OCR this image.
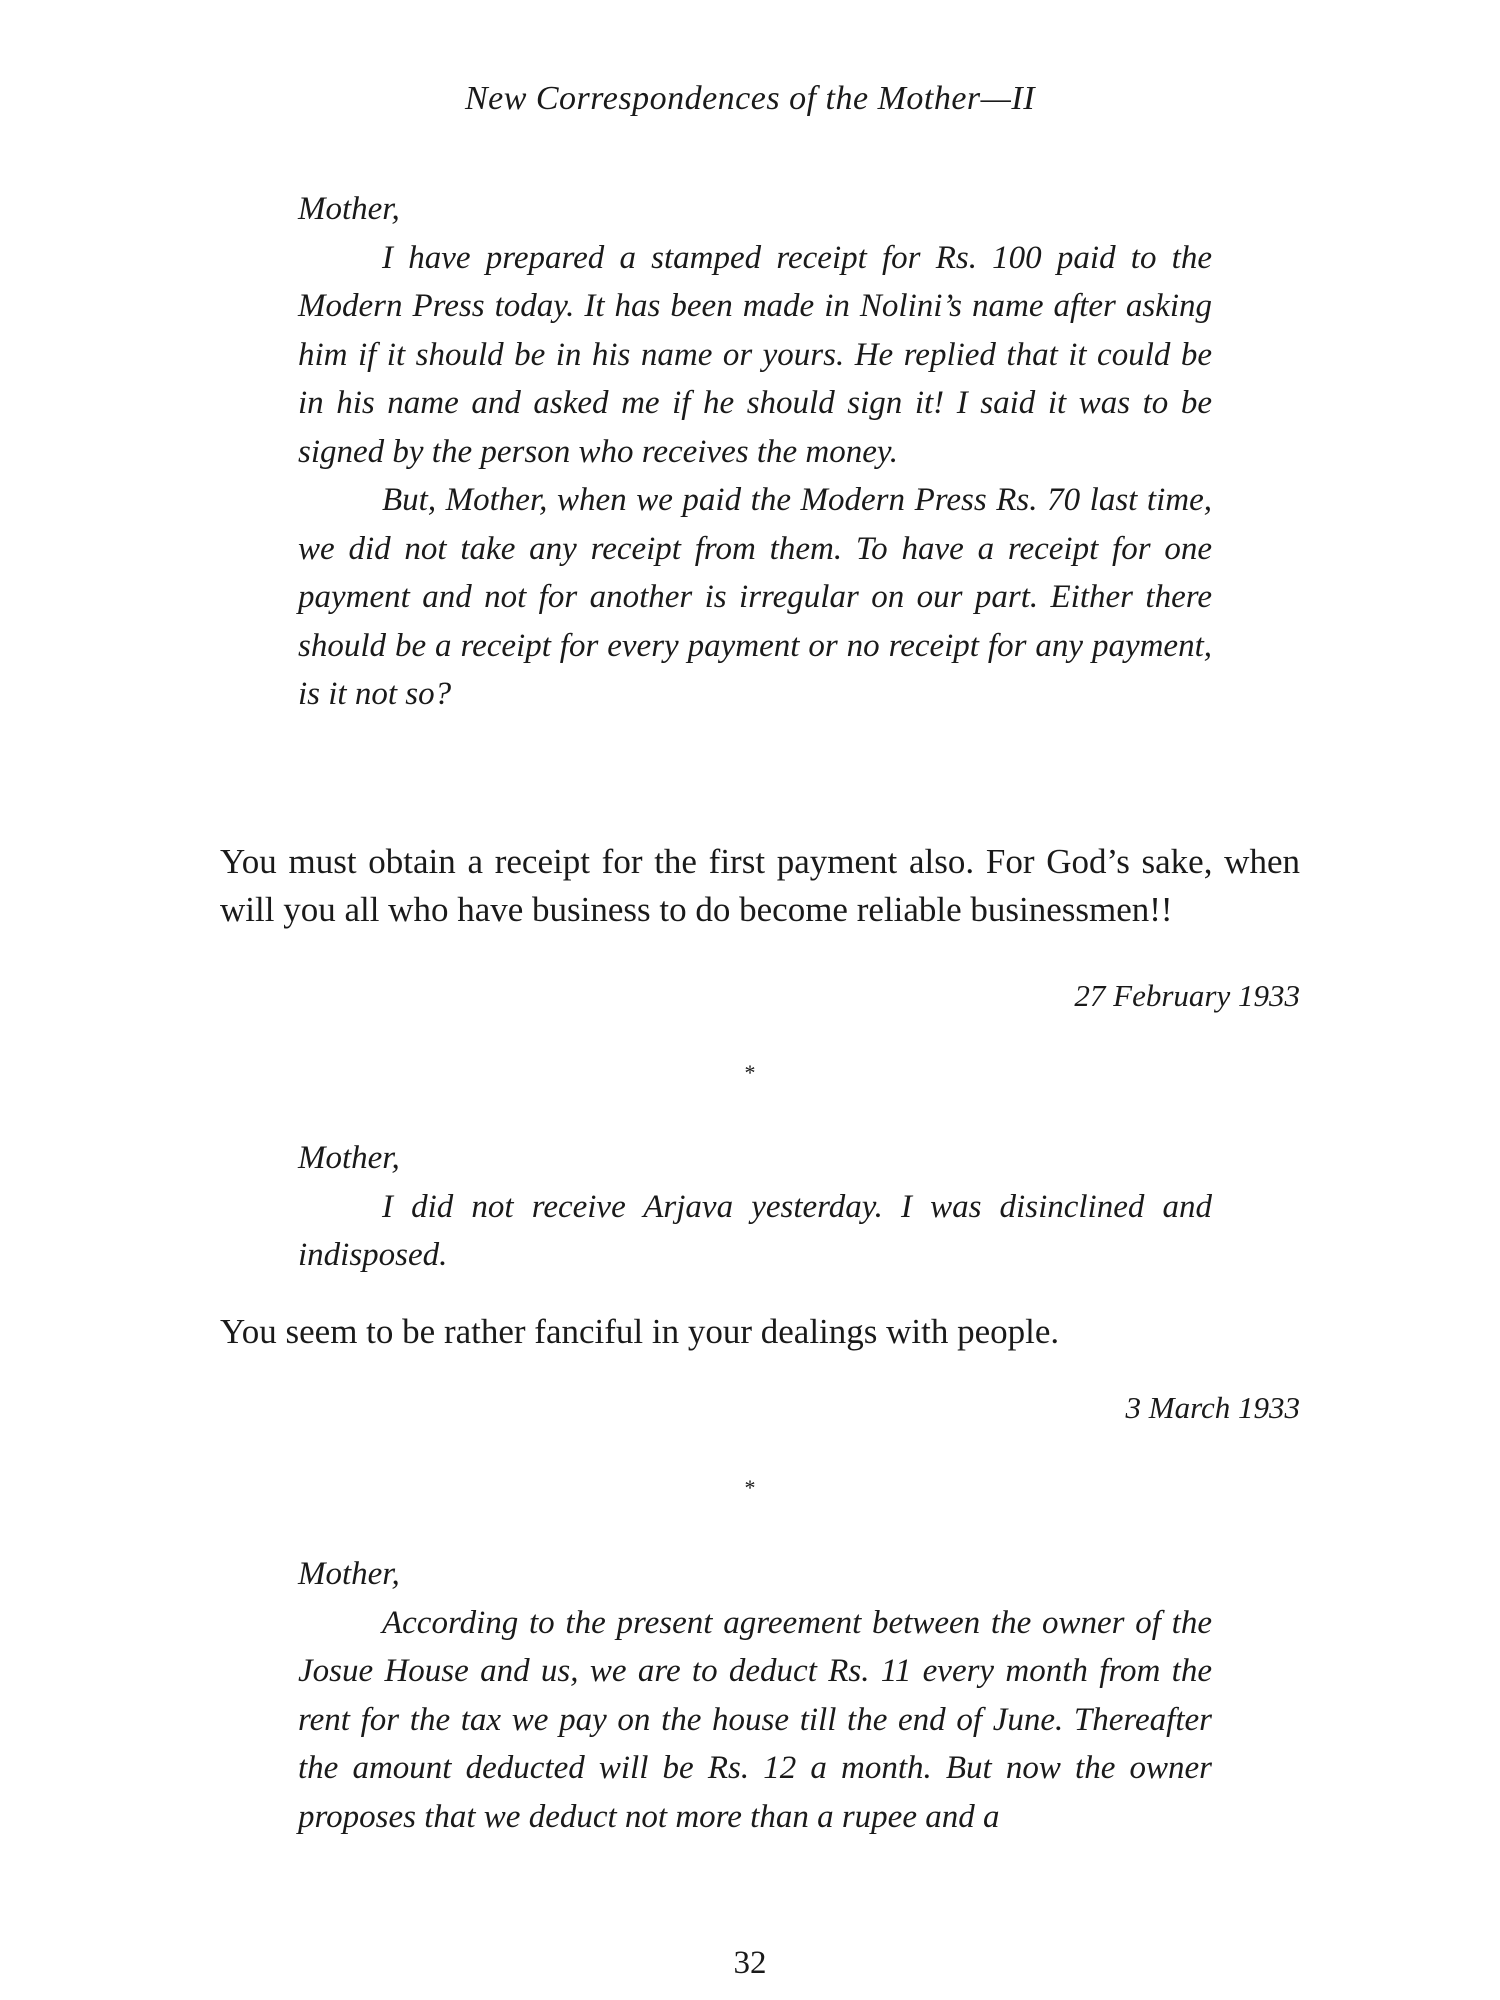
New Correspondences of the Mother—II
Mother,

I have prepared a stamped receipt for Rs. 100 paid to the Modern Press today. It has been made in Nolini’s name after asking him if it should be in his name or yours. He replied that it could be in his name and asked me if he should sign it! I said it was to be signed by the person who receives the money.

But, Mother, when we paid the Modern Press Rs. 70 last time, we did not take any receipt from them. To have a receipt for one payment and not for another is irregular on our part. Either there should be a receipt for every payment or no receipt for any payment, is it not so?

You must obtain a receipt for the first payment also. For God’s sake, when will you all who have business to do become reliable businessmen!!

27 February 1933
*
Mother,

I did not receive Arjava yesterday. I was disinclined and indisposed.

You seem to be rather fanciful in your dealings with people.

3 March 1933
*
Mother,

According to the present agreement between the owner of the Josue House and us, we are to deduct Rs. 11 every month from the rent for the tax we pay on the house till the end of June. Thereafter the amount deducted will be Rs. 12 a month. But now the owner proposes that we deduct not more than a rupee and a

32
